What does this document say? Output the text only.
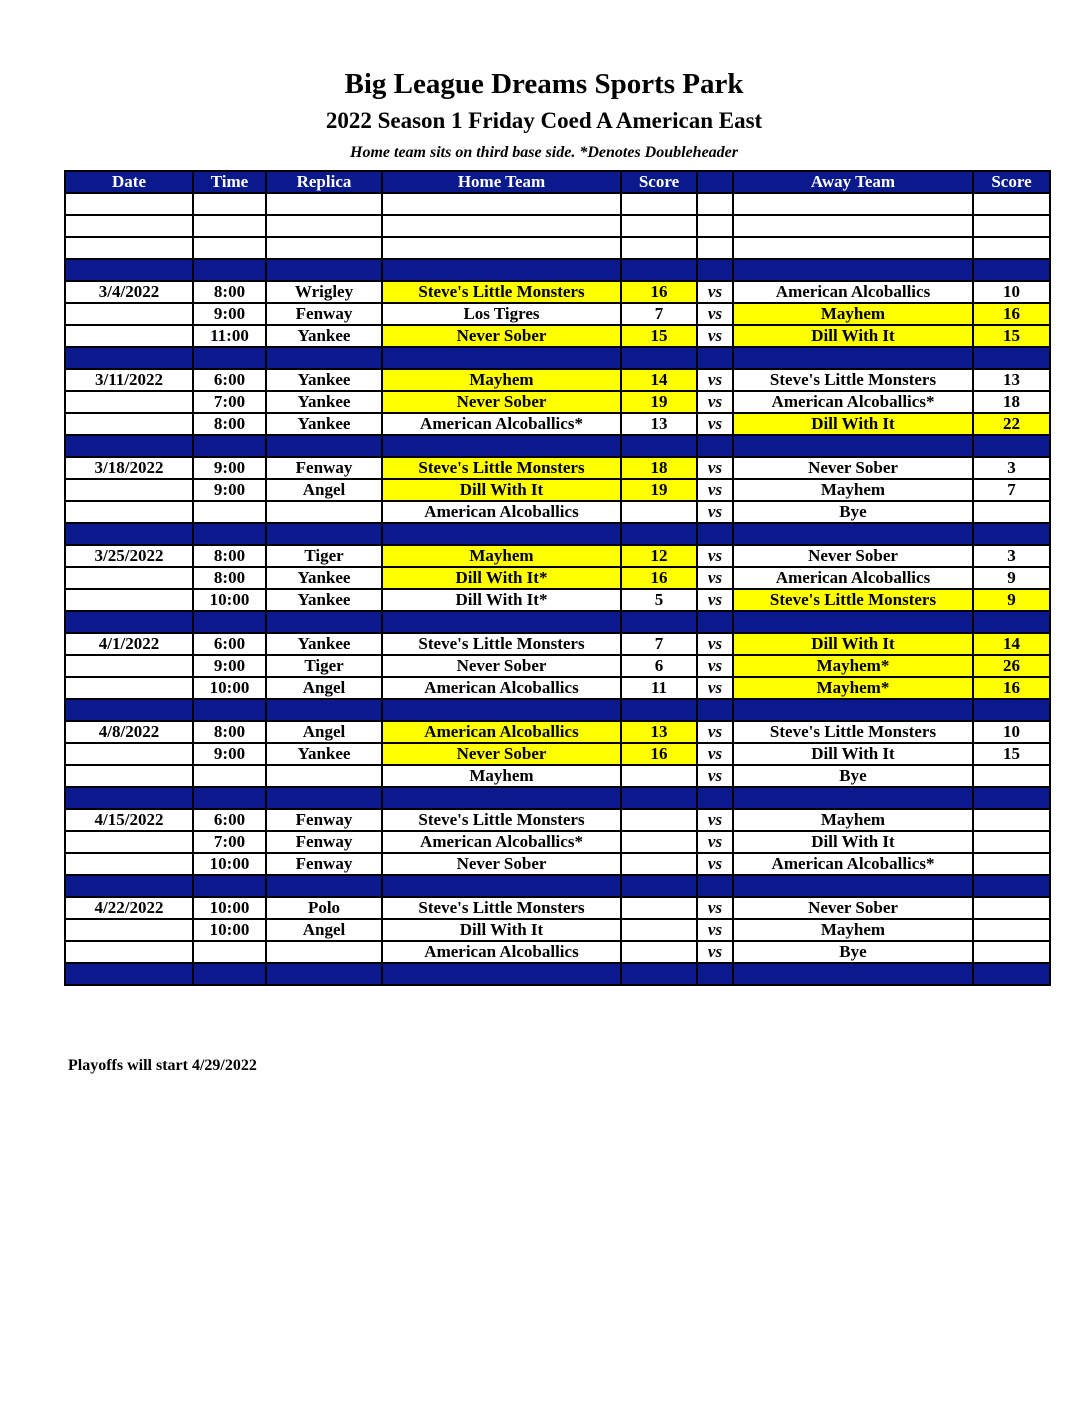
Big League Dreams Sports Park
2022 Season 1 Friday Coed A American East
Home team sits on third base side. *Denotes Doubleheader
Date	Time	Replica	Home Team	Score		Away Team	Score

3/4/2022	8:00	Wrigley	Steve's Little Monsters	16	vs	American Alcoballics	10
	9:00	Fenway	Los Tigres	7	vs	Mayhem	16
	11:00	Yankee	Never Sober	15	vs	Dill With It	15

3/11/2022	6:00	Yankee	Mayhem	14	vs	Steve's Little Monsters	13
	7:00	Yankee	Never Sober	19	vs	American Alcoballics*	18
	8:00	Yankee	American Alcoballics*	13	vs	Dill With It	22

3/18/2022	9:00	Fenway	Steve's Little Monsters	18	vs	Never Sober	3
	9:00	Angel	Dill With It	19	vs	Mayhem	7
			American Alcoballics		vs	Bye	

3/25/2022	8:00	Tiger	Mayhem	12	vs	Never Sober	3
	8:00	Yankee	Dill With It*	16	vs	American Alcoballics	9
	10:00	Yankee	Dill With It*	5	vs	Steve's Little Monsters	9

4/1/2022	6:00	Yankee	Steve's Little Monsters	7	vs	Dill With It	14
	9:00	Tiger	Never Sober	6	vs	Mayhem*	26
	10:00	Angel	American Alcoballics	11	vs	Mayhem*	16

4/8/2022	8:00	Angel	American Alcoballics	13	vs	Steve's Little Monsters	10
	9:00	Yankee	Never Sober	16	vs	Dill With It	15
			Mayhem		vs	Bye	

4/15/2022	6:00	Fenway	Steve's Little Monsters		vs	Mayhem	
	7:00	Fenway	American Alcoballics*		vs	Dill With It	
	10:00	Fenway	Never Sober		vs	American Alcoballics*	

4/22/2022	10:00	Polo	Steve's Little Monsters		vs	Never Sober	
	10:00	Angel	Dill With It		vs	Mayhem	
			American Alcoballics		vs	Bye	

Playoffs will start 4/29/2022
